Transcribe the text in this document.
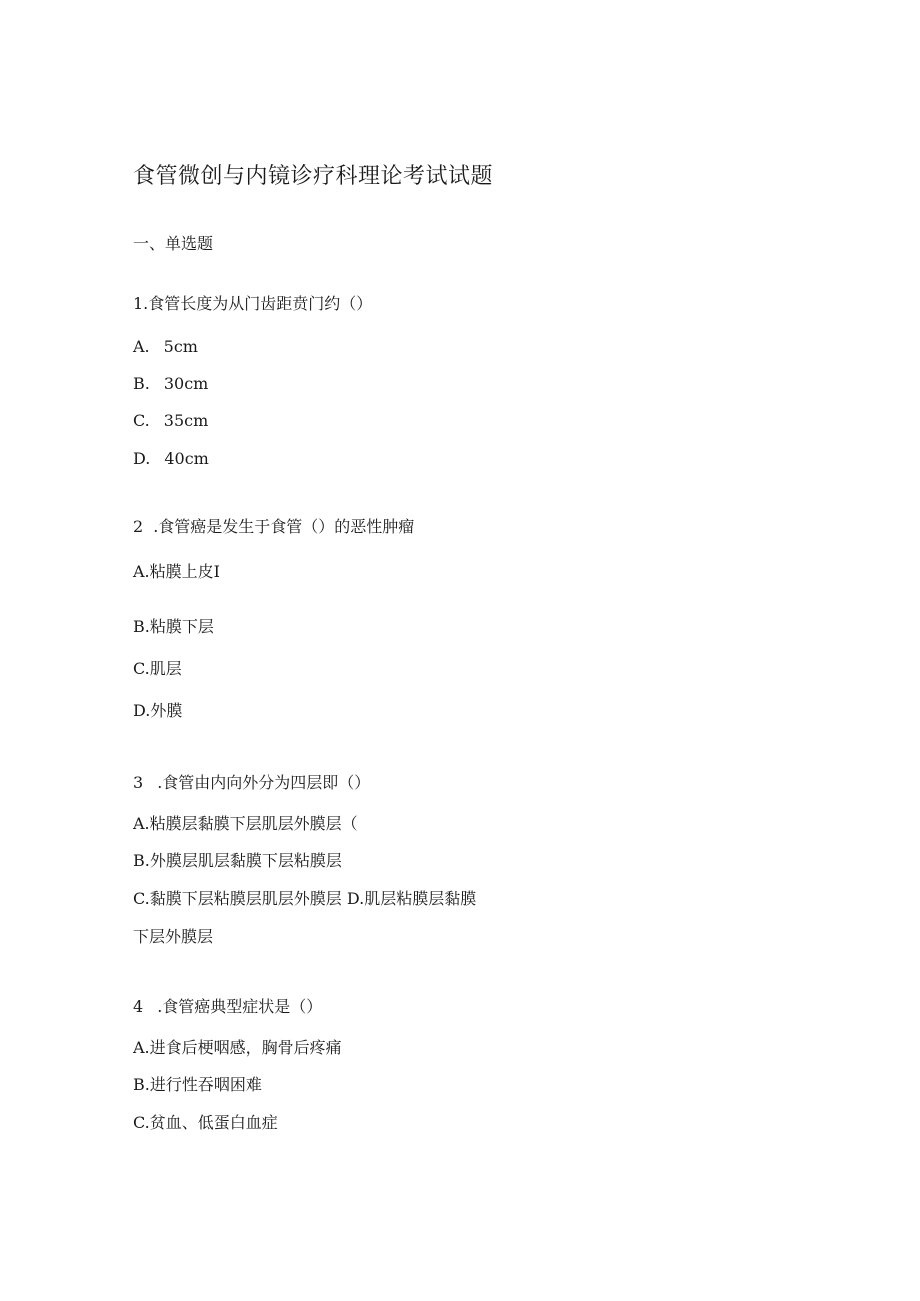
食管微创与内镜诊疗科理论考试试题
一、单选题
1.食管长度为从门齿距贲门约（）
A. 5cm
B. 30cm
C. 35cm
D. 40cm
2 .食管癌是发生于食管（）的恶性肿瘤
A.粘膜上皮I
B.粘膜下层
C.肌层
D.外膜
3 .食管由内向外分为四层即（）
A.粘膜层黏膜下层肌层外膜层（
B.外膜层肌层黏膜下层粘膜层
C.黏膜下层粘膜层肌层外膜层 D.肌层粘膜层黏膜
下层外膜层
4 .食管癌典型症状是（）
A.进食后梗咽感，胸骨后疼痛
B.进行性吞咽困难
C.贫血、低蛋白血症
